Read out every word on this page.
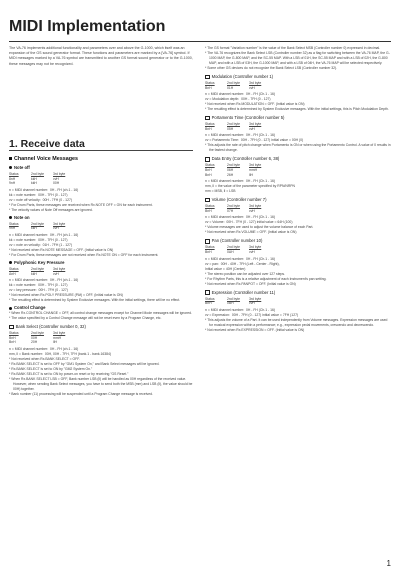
MIDI Implementation
The VA-76 implements additional functionality and parameters over and above the G-1000, which itself was an expansion of the GS sound generator format. These functions and parameters are marked by a [VA-76] symbol. If MIDI messages marked by a VA-76 symbol are transmitted to another GS format sound generator or to the G-1000, these messages may not be recognized.
1. Receive data
Channel Voice Messages
Note off
Status	2nd byte	3rd byte
8nH	kkH	vvH
9nH	kkH	00H
n = MIDI channel number:  0H - FH (ch.1 - 16)
kk = note number:  00H - 7FH (0 - 127)
vv = note off velocity:  00H - 7FH (0 - 127)
* For Drum Parts, these messages are received when Rx.NOTE OFF = ON for each instrument.
* The velocity values of Note Off messages are ignored.
Note on
Status	2nd byte	3rd byte
9nH	kkH	vvH
n = MIDI channel number:  0H - FH (ch.1 - 16)
kk = note number:  00H - 7FH (0 - 127)
vv = note on velocity:  01H - 7FH (1 - 127)
* Not received when Rx.NOTE MESSAGE = OFF. (Initial value is ON)
* For Drum Parts, these messages are not received when Rx.NOTE ON = OFF for each instrument.
Polyphonic Key Pressure
Status	2nd byte	3rd byte
AnH	kkH	vvH
n = MIDI channel number:  0H - FH (ch.1 - 16)
kk = note number:  00H - 7FH (0 - 127)
vv = key pressure:  00H - 7FH (0 - 127)
* Not received when Rx.POLY PRESSURE (PAf) = OFF. (Initial value is ON)
* The resulting effect is determined by System Exclusive messages. With the initial settings, there will be no effect.
Control Change
* When Rx.CONTROL CHANGE = OFF, all control change messages except for Channel Mode messages will be ignored.
* The value specified by a Control Change message will not be reset even by a Program Change, etc.
Bank Select (Controller number 0, 32)
Status	2nd byte	3rd byte
BnH	00H	mmH
BnH	20H	llH
n = MIDI channel number:  0H - FH (ch.1 - 16)
mm, ll = Bank number:  00H, 00H - 7FH, 7FH (bank.1 - bank.16384)
* Not received when Rx.BANK SELECT = OFF.
* Rx.BANK SELECT is set to OFF by "GM1 System On," and Bank Select messages will be ignored.
* Rx.BANK SELECT is set to ON by "GM2 System On."
* Rx.BANK SELECT is set to ON by power-on reset or by receiving "GS Reset."
* When Rx.BANK SELECT LSB = OFF, Bank number LSB (ll) will be handled as 00H regardless of the received value. However, when sending Bank Select messages, you have to send both the MSB (mm) and LSB (ll), the value should be 00H) together.
* Bank number (11) processing will be suspended until a Program Change message is received.
* The GS format "Variation number" is the value of the Bank Select MSB (Controller number 0) expressed in decimal.
* The VA-76 recognizes the Bank Select LSB (Controller number 32) as a flag for switching between the VA-76 MAP, the G-1000 MAP, the G-800 MAP, and the SC-55 MAP. With a LSB of 01H, the SC-55 MAP and with a LSB of 02H, the G-800 MAP, and with a LSB of 03H, the G-1000 MAP, and with a LSB of 04H, the VA-76 MAP will be selected respectively.
* Some other GS devices do not recognize the Bank Select LSB (Controller number 32).
Modulation (Controller number 1)
Status	2nd byte	3rd byte
BnH	01H	vvH
n = MIDI channel number:  0H - FH (Ch.1 - 16)
vv = Modulation depth:  00H - 7FH (0 - 127)
* Not received when Rx.MODULATION = OFF. (Initial value is ON)
* The resulting effect is determined by System Exclusive messages. With the initial settings, this is Pitch Modulation Depth.
Portamento Time (Controller number 5)
Status	2nd byte	3rd byte
BnH	05H	vvH
n = MIDI channel number:  0H - FH (Ch.1 - 16)
vv = Portamento Time:  00H - 7FH (0 - 127) initial value = 00H (0)
* This adjusts the rate of pitch change when Portamento is ON or when using the Portamento Control. A value of 0 results in the fastest change.
Data Entry (Controller number 6, 38)
Status	2nd byte	3rd byte
BnH	06H	mmH
BnH	26H	llH
n = MIDI channel number:  0H - FH (Ch.1 - 16)
mm, ll = the value of the parameter specified by RPN/NRPN
mm = MSB, ll = LSB
Volume (Controller number 7)
Status	2nd byte	3rd byte
BnH	07H	vvH
n = MIDI channel number:  0H - FH (Ch.1 - 16)
vv = Volume:  00H - 7FH (0 - 127) initial value = 64H (100)
* Volume messages are used to adjust the volume balance of each Part.
* Not received when Rx.VOLUME = OFF. (Initial value is ON)
Pan (Controller number 10)
Status	2nd byte	3rd byte
BnH	0AH	vvH
n = MIDI channel number:  0H - FH (Ch.1 - 16)
vv = pan:  00H - 40H - 7FH (Left - Center - Right),
Initial value = 40H (Center)
* The stereo position can be adjusted over 127 steps.
* For Rhythm Parts, this is a relative adjustment of each Instrument's pan setting.
* Not received when Rx.PANPOT = OFF. (Initial value is ON)
Expression (Controller number 11)
Status	2nd byte	3rd byte
BnH	0BH	vvH
n = MIDI channel number:  0H - FH (Ch.1 - 16)
vv = Expression:  00H - 7FH (0 - 127) initial value = 7FH (127)
* This adjusts the volume of a Part. It can be used independently from Volume messages. Expression messages are used for musical expression within a performance; e.g., expression pedal movements, crescendo and decrescendo.
* Not received when Rx.EXPRESSION = OFF. (Initial value is ON)
1
